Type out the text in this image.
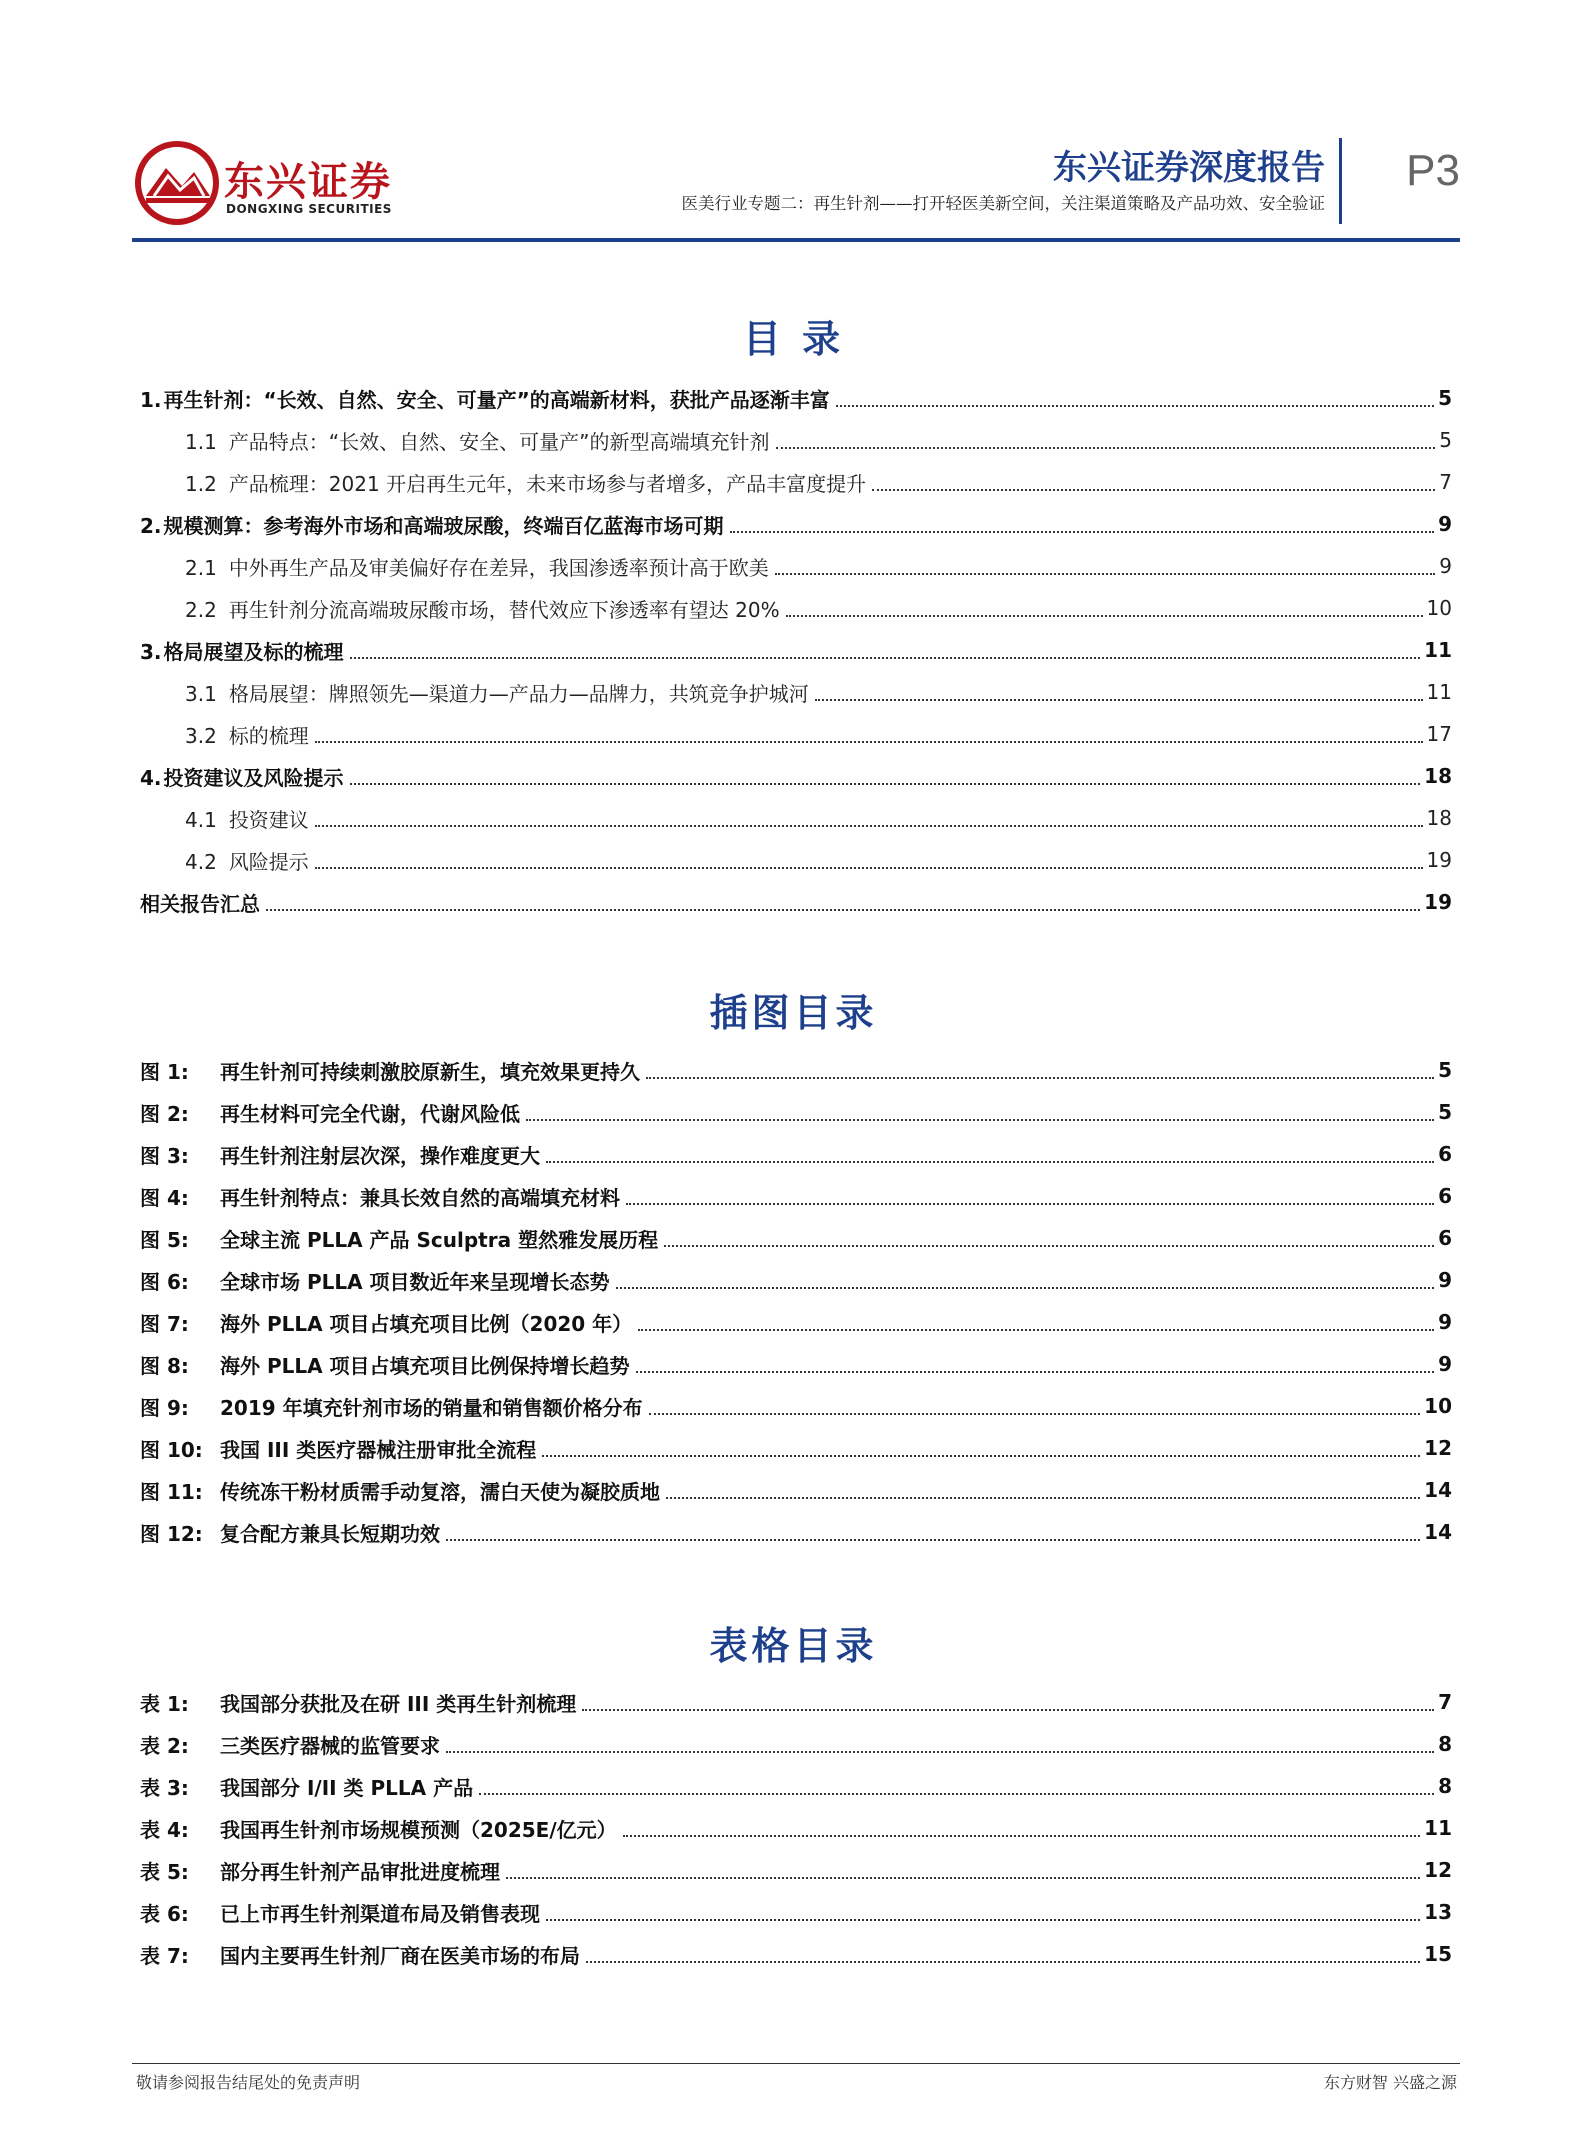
东兴证券
DONGXING SECURITIES
东兴证券深度报告
医美行业专题二：再生针剂——打开轻医美新空间，关注渠道策略及产品功效、安全验证
P3
目 录
1. 再生针剂：“长效、自然、安全、可量产”的高端新材料，获批产品逐渐丰富	5
1.1 产品特点：“长效、自然、安全、可量产”的新型高端填充针剂	5
1.2 产品梳理：2021 开启再生元年，未来市场参与者增多，产品丰富度提升	7
2. 规模测算：参考海外市场和高端玻尿酸，终端百亿蓝海市场可期	9
2.1 中外再生产品及审美偏好存在差异，我国渗透率预计高于欧美	9
2.2 再生针剂分流高端玻尿酸市场，替代效应下渗透率有望达 20%	10
3. 格局展望及标的梳理	11
3.1 格局展望：牌照领先—渠道力—产品力—品牌力，共筑竞争护城河	11
3.2 标的梳理	17
4. 投资建议及风险提示	18
4.1 投资建议	18
4.2 风险提示	19
相关报告汇总	19
插图目录
图 1: 再生针剂可持续刺激胶原新生，填充效果更持久	5
图 2: 再生材料可完全代谢，代谢风险低	5
图 3: 再生针剂注射层次深，操作难度更大	6
图 4: 再生针剂特点：兼具长效自然的高端填充材料	6
图 5: 全球主流 PLLA 产品 Sculptra 塑然雅发展历程	6
图 6: 全球市场 PLLA 项目数近年来呈现增长态势	9
图 7: 海外 PLLA 项目占填充项目比例（2020 年）	9
图 8: 海外 PLLA 项目占填充项目比例保持增长趋势	9
图 9: 2019 年填充针剂市场的销量和销售额价格分布	10
图 10: 我国 III 类医疗器械注册审批全流程	12
图 11: 传统冻干粉材质需手动复溶，濡白天使为凝胶质地	14
图 12: 复合配方兼具长短期功效	14
表格目录
表 1: 我国部分获批及在研 III 类再生针剂梳理	7
表 2: 三类医疗器械的监管要求	8
表 3: 我国部分 I/II 类 PLLA 产品	8
表 4: 我国再生针剂市场规模预测（2025E/亿元）	11
表 5: 部分再生针剂产品审批进度梳理	12
表 6: 已上市再生针剂渠道布局及销售表现	13
表 7: 国内主要再生针剂厂商在医美市场的布局	15
敬请参阅报告结尾处的免责声明	东方财智 兴盛之源
